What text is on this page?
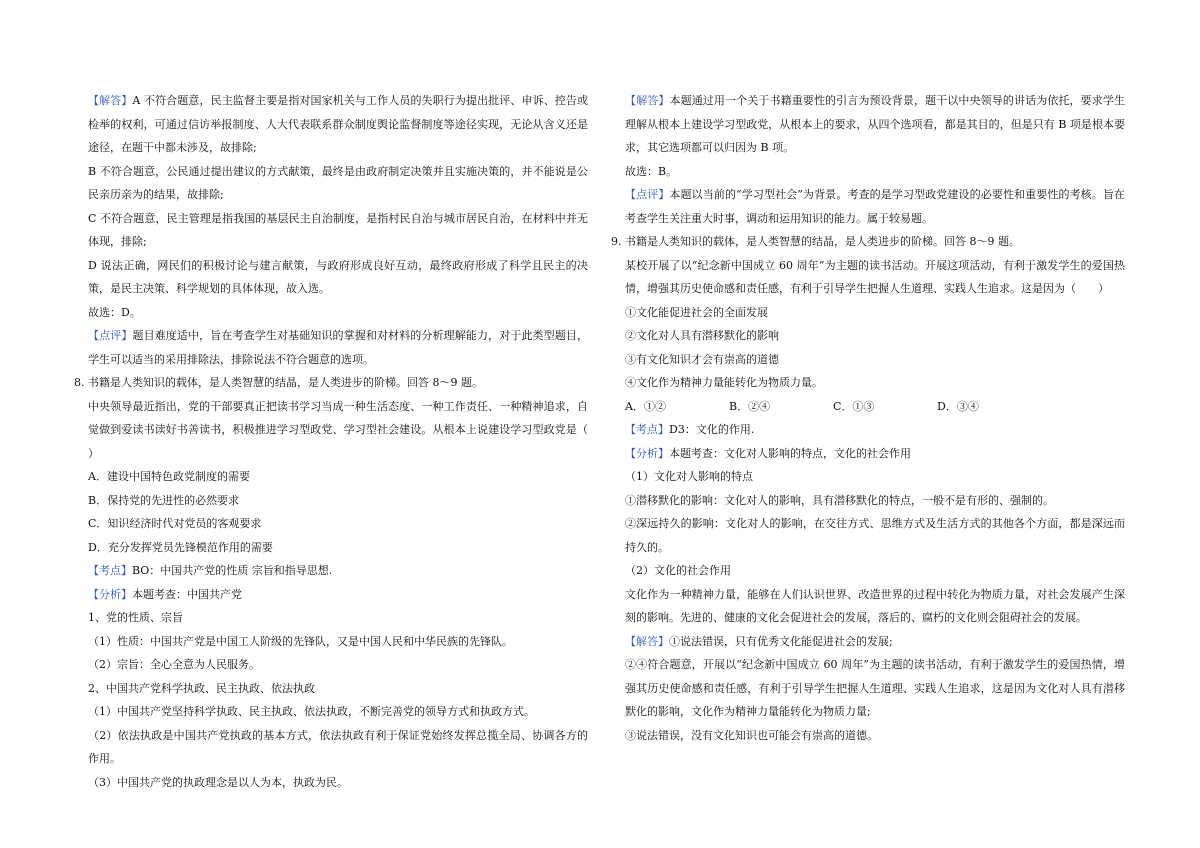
【解答】A 不符合题意，民主监督主要是指对国家机关与工作人员的失职行为提出批评、申诉、控告或检举的权利，可通过信访举报制度、人大代表联系群众制度舆论监督制度等途径实现，无论从含义还是途径，在题干中都未涉及，故排除;

B 不符合题意，公民通过提出建议的方式献策，最终是由政府制定决策并且实施决策的，并不能说是公民亲历亲为的结果，故排除;

C 不符合题意，民主管理是指我国的基层民主自治制度，是指村民自治与城市居民自治，在材料中并无体现，排除;

D 说法正确，网民们的积极讨论与建言献策，与政府形成良好互动，最终政府形成了科学且民主的决策，是民主决策、科学规划的具体体现，故入选。

故选：D。

【点评】题目难度适中，旨在考查学生对基础知识的掌握和对材料的分析理解能力，对于此类型题目，学生可以适当的采用排除法，排除说法不符合题意的选项。

8. 书籍是人类知识的载体，是人类智慧的结晶，是人类进步的阶梯。回答 8～9 题。

中央领导最近指出，党的干部要真正把读书学习当成一种生活态度、一种工作责任、一种精神追求，自觉做到爱读书读好书善读书，积极推进学习型政党、学习型社会建设。从根本上说建设学习型政党是（　　）

A．建设中国特色政党制度的需要

B．保持党的先进性的必然要求

C．知识经济时代对党员的客观要求

D．充分发挥党员先锋模范作用的需要

【考点】BO：中国共产党的性质 宗旨和指导思想.

【分析】本题考查：中国共产党

1、党的性质、宗旨

（1）性质：中国共产党是中国工人阶级的先锋队，又是中国人民和中华民族的先锋队。

（2）宗旨：全心全意为人民服务。

2、中国共产党科学执政、民主执政、依法执政

（1）中国共产党坚持科学执政、民主执政、依法执政，不断完善党的领导方式和执政方式。

（2）依法执政是中国共产党执政的基本方式，依法执政有利于保证党始终发挥总揽全局、协调各方的作用。

（3）中国共产党的执政理念是以人为本，执政为民。

【解答】本题通过用一个关于书籍重要性的引言为预设背景，题干以中央领导的讲话为依托，要求学生理解从根本上建设学习型政党，从根本上的要求，从四个选项看，都是其目的，但是只有 B 项是根本要求，其它选项都可以归因为 B 项。

故选：B。

【点评】本题以当前的“学习型社会”为背景。考查的是学习型政党建设的必要性和重要性的考核。旨在考查学生关注重大时事，调动和运用知识的能力。属于较易题。

9. 书籍是人类知识的载体，是人类智慧的结晶，是人类进步的阶梯。回答 8～9 题。

某校开展了以“纪念新中国成立 60 周年”为主题的读书活动。开展这项活动，有利于激发学生的爱国热情，增强其历史使命感和责任感，有利于引导学生把握人生道理、实践人生追求。这是因为（　　）

①文化能促进社会的全面发展

②文化对人具有潜移默化的影响

③有文化知识才会有崇高的道德

④文化作为精神力量能转化为物质力量。

A．①②	B．②④	C．①③	D．③④

【考点】D3：文化的作用.

【分析】本题考查：文化对人影响的特点，文化的社会作用

（1）文化对人影响的特点

①潜移默化的影响：文化对人的影响，具有潜移默化的特点，一般不是有形的、强制的。

②深远持久的影响：文化对人的影响，在交往方式、思维方式及生活方式的其他各个方面，都是深远而持久的。

（2）文化的社会作用

文化作为一种精神力量，能够在人们认识世界、改造世界的过程中转化为物质力量，对社会发展产生深刻的影响。先进的、健康的文化会促进社会的发展，落后的、腐朽的文化则会阻碍社会的发展。

【解答】①说法错误，只有优秀文化能促进社会的发展;

②④符合题意，开展以“纪念新中国成立 60 周年”为主题的读书活动，有利于激发学生的爱国热情，增强其历史使命感和责任感，有利于引导学生把握人生道理、实践人生追求，这是因为文化对人具有潜移默化的影响，文化作为精神力量能转化为物质力量;

③说法错误，没有文化知识也可能会有崇高的道德。
